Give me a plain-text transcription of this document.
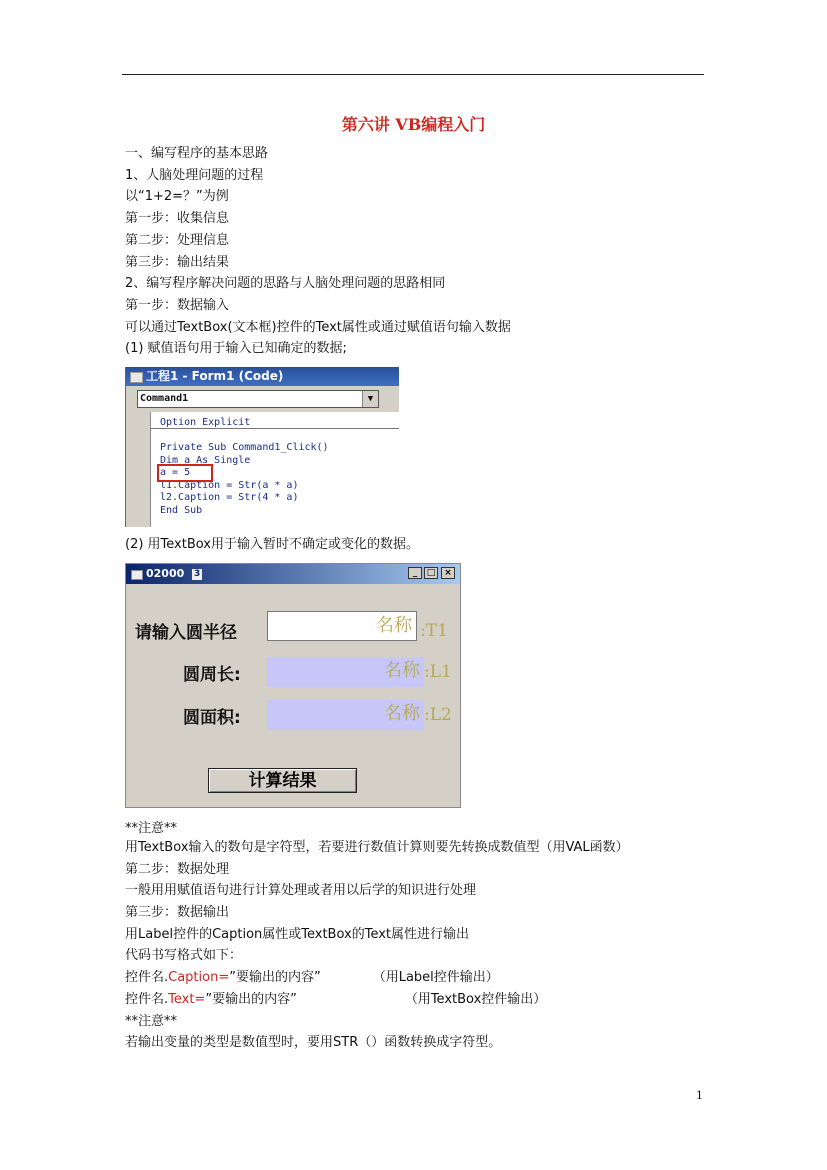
第六讲 VB编程入门
一、编写程序的基本思路
1、人脑处理问题的过程
以“1+2=？”为例
第一步：收集信息
第二步：处理信息
第三步：输出结果
2、编写程序解决问题的思路与人脑处理问题的思路相同
第一步：数据输入
可以通过TextBox(文本框)控件的Text属性或通过赋值语句输入数据
(1) 赋值语句用于输入已知确定的数据;
工程1 - Form1 (Code)
Command1	▼
Option Explicit
Private Sub Command1_Click()
Dim a As Single
a = 5
l1.Caption = Str(a * a)
l2.Caption = Str(4 * a)
End Sub
(2) 用TextBox用于输入暂时不确定或变化的数据。
02000 3	_	□ ×
请输入圆半径	名称 :T1
圆周长:	名称 :L1
圆面积:	名称 :L2
计算结果
**注意**
用TextBox输入的数句是字符型，若要进行数值计算则要先转换成数值型（用VAL函数）
第二步：数据处理
一般用用赋值语句进行计算处理或者用以后学的知识进行处理
第三步：数据输出
用Label控件的Caption属性或TextBox的Text属性进行输出
代码书写格式如下：
控件名.Caption=”要输出的内容”	（用Label控件输出）
控件名.Text=”要输出的内容”	（用TextBox控件输出）
**注意**
若输出变量的类型是数值型时，要用STR（）函数转换成字符型。
1
